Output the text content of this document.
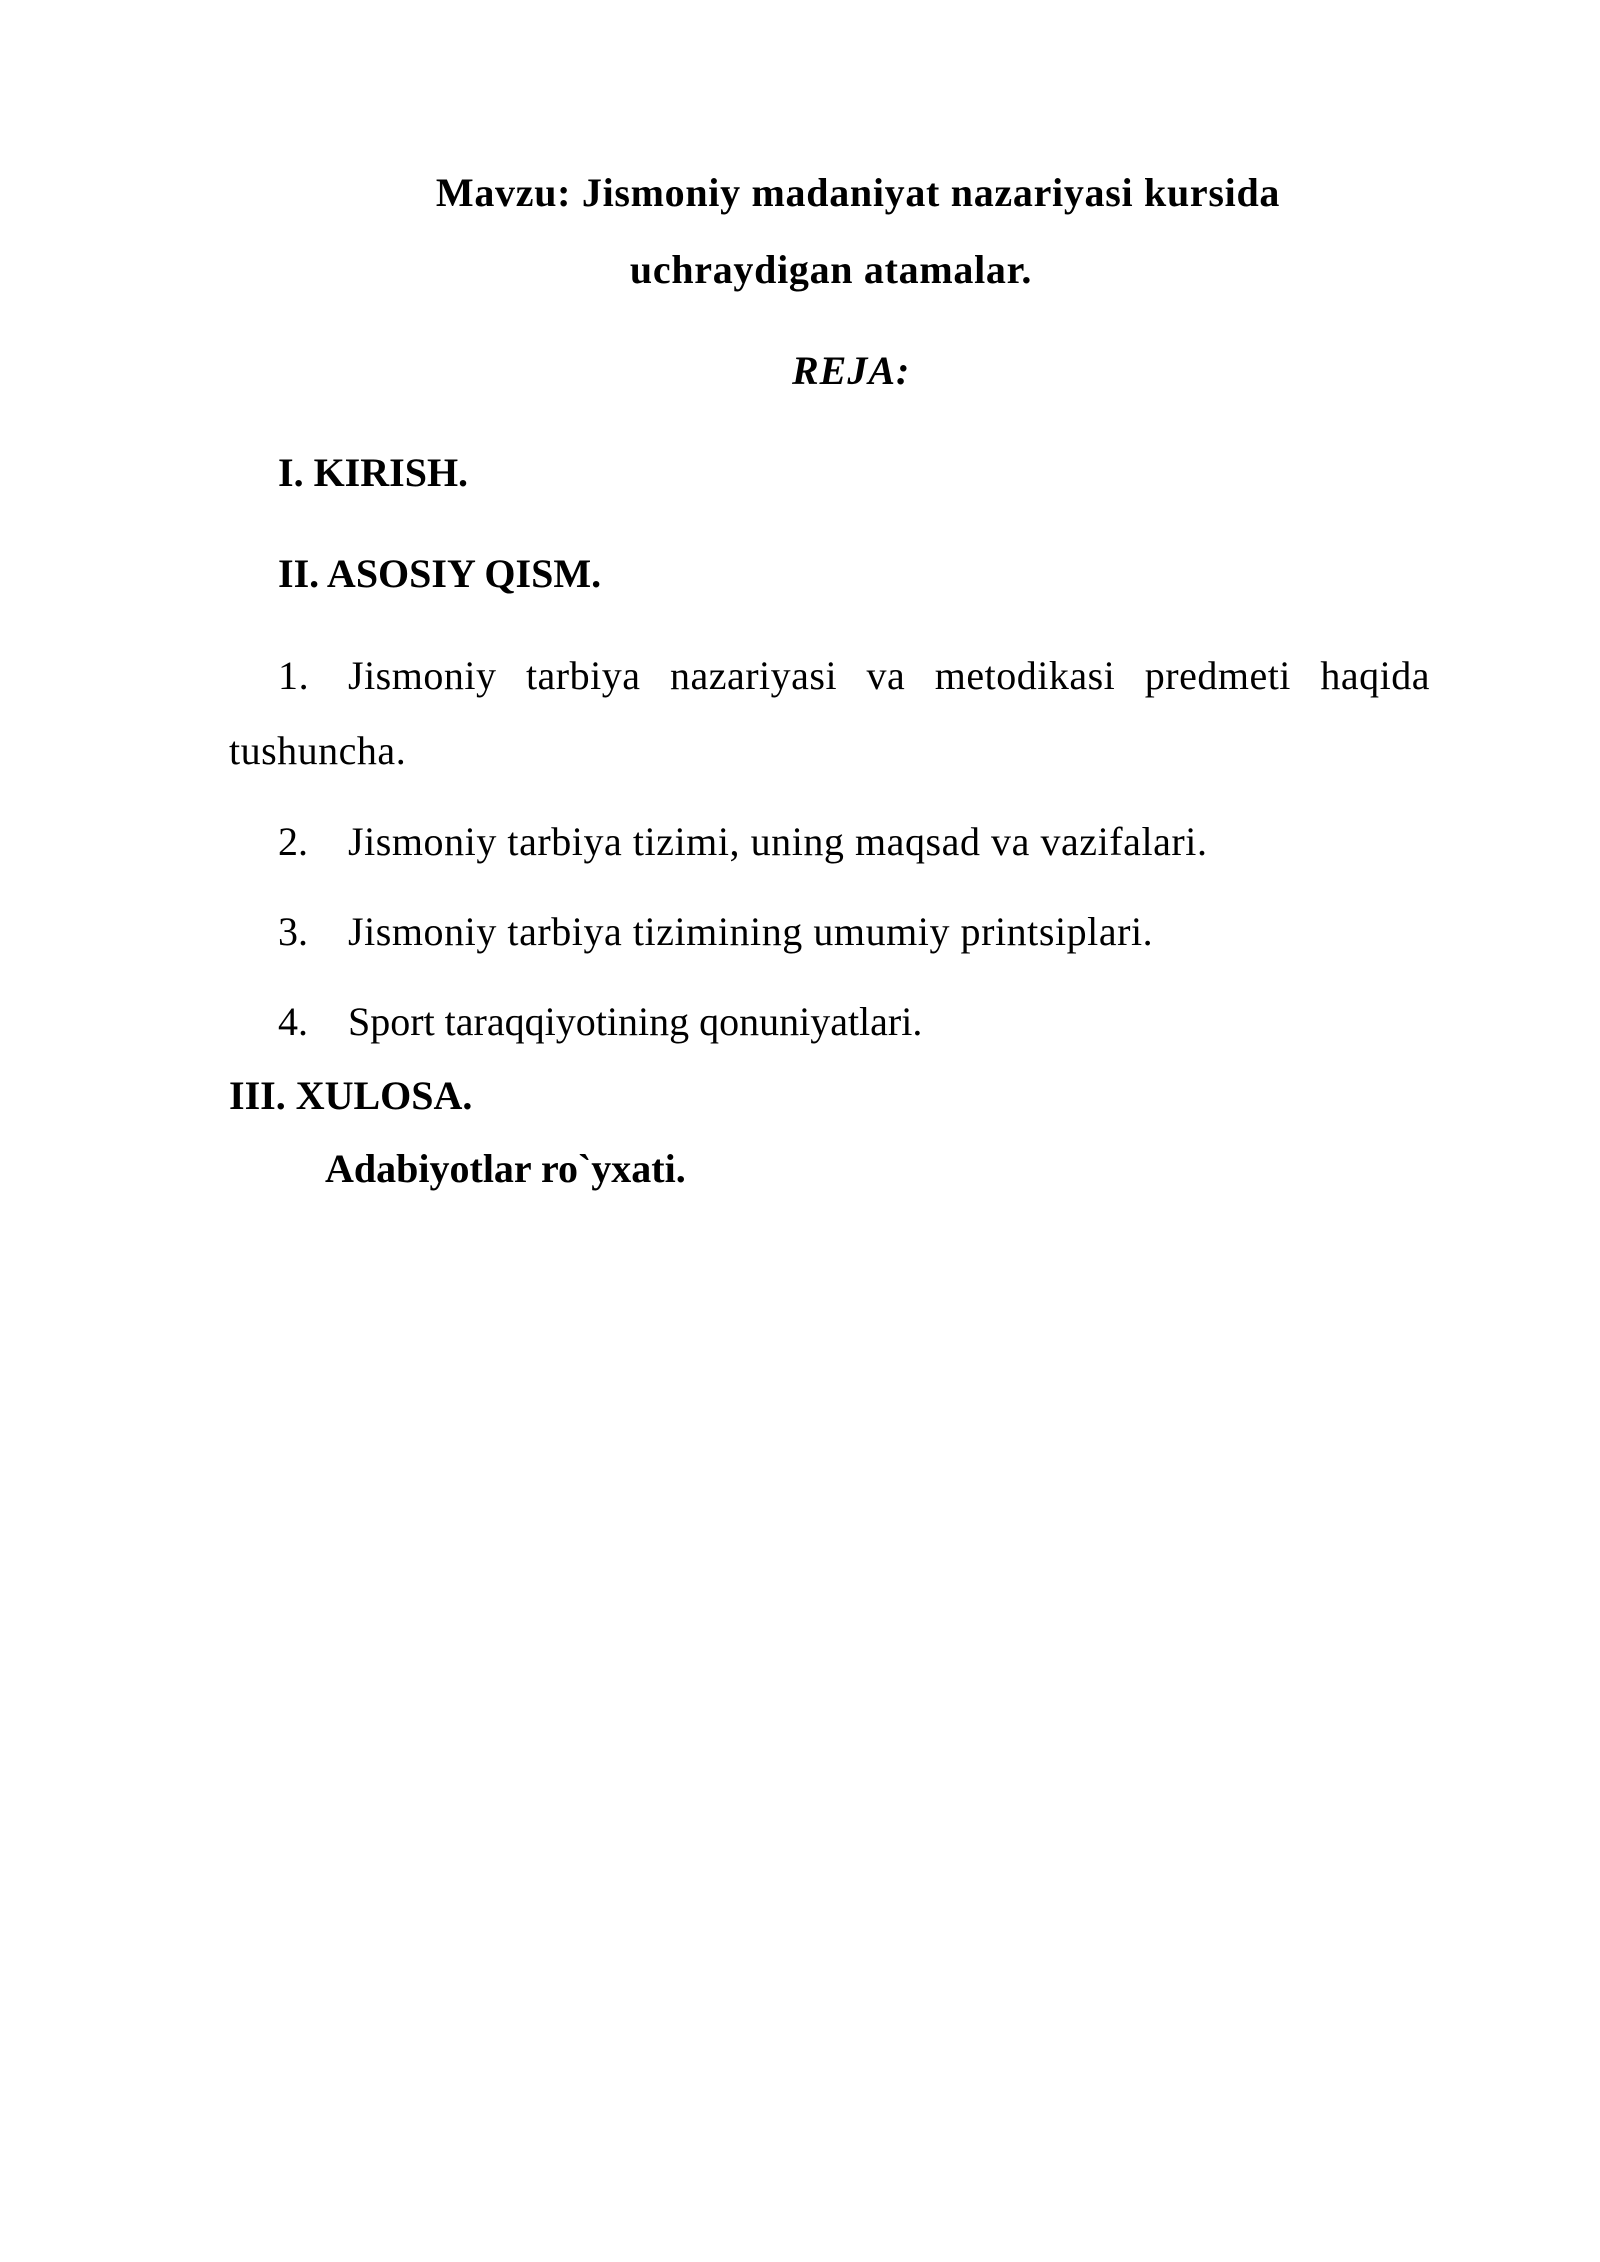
Mavzu: Jismoniy madaniyat nazariyasi kursida
uchraydigan atamalar.
REJA:
I. KIRISH.
II. ASOSIY QISM.
1. Jismoniy tarbiya nazariyasi va metodikasi predmeti haqida
tushuncha.
2. Jismoniy tarbiya tizimi, uning maqsad va vazifalari.
3. Jismoniy tarbiya tizimining umumiy printsiplari.
4. Sport taraqqiyotining qonuniyatlari.
III. XULOSA.
Adabiyotlar ro`yxati.
